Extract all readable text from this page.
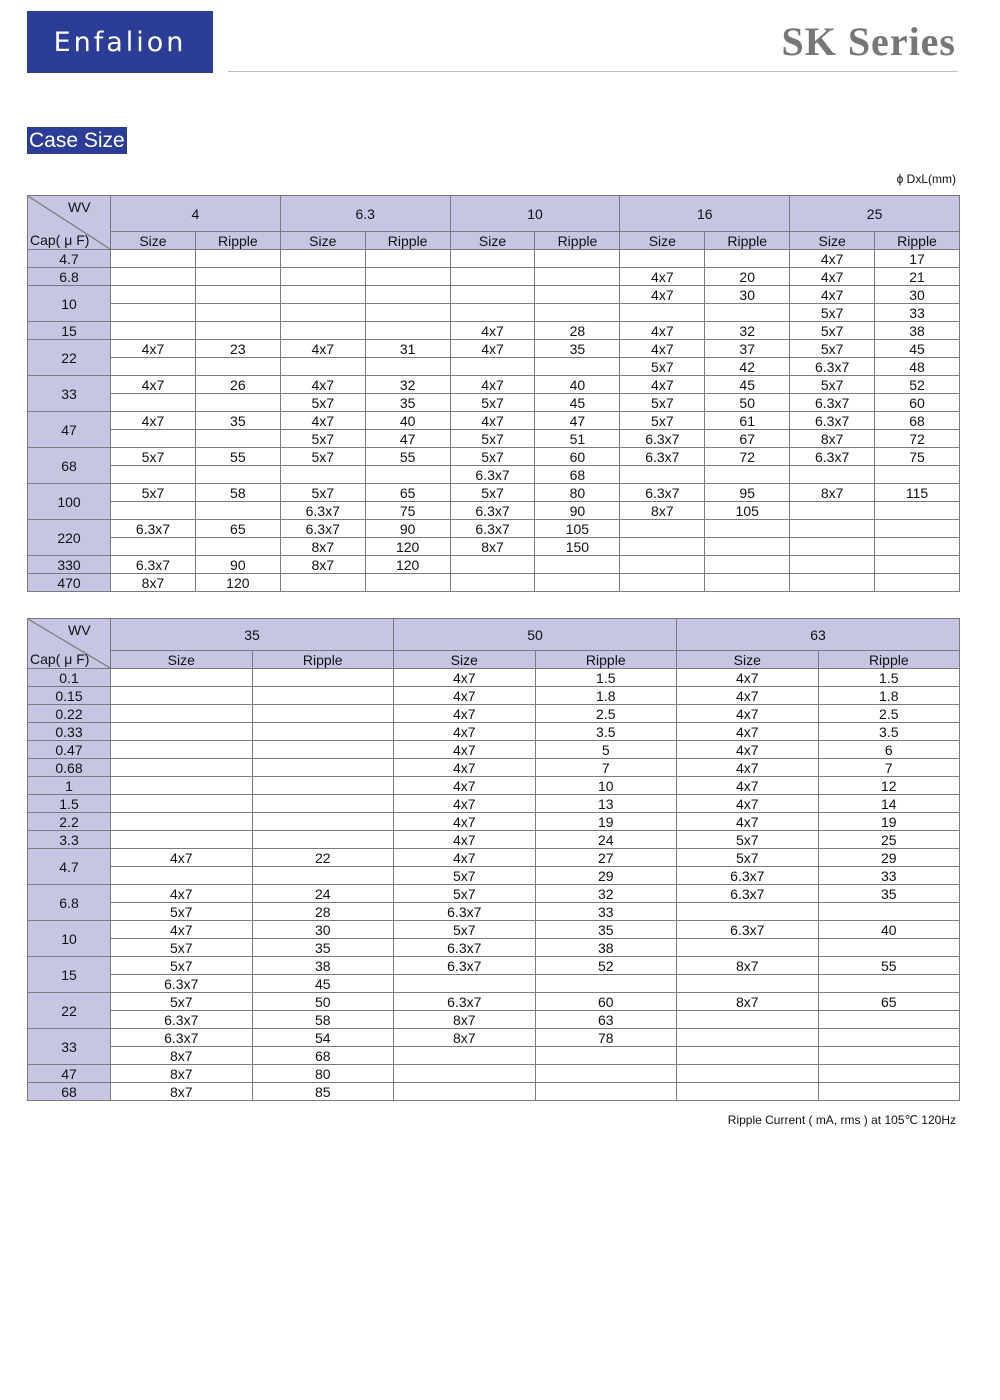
Enfalion	SK Series
Case Size
ϕ DxL(mm)
WV
Cap( μ F)	4		6.3		10		16		25	
	Size	Ripple	Size	Ripple	Size	Ripple	Size	Ripple	Size	Ripple
4.7									4x7	17
6.8							4x7	20	4x7	21
10							4x7	30	4x7	30
									5x7	33
15					4x7	28	4x7	32	5x7	38
22	4x7	23	4x7	31	4x7	35	4x7	37	5x7	45
							5x7	42	6.3x7	48
33	4x7	26	4x7	32	4x7	40	4x7	45	5x7	52
			5x7	35	5x7	45	5x7	50	6.3x7	60
47	4x7	35	4x7	40	4x7	47	5x7	61	6.3x7	68
			5x7	47	5x7	51	6.3x7	67	8x7	72
68	5x7	55	5x7	55	5x7	60	6.3x7	72	6.3x7	75
					6.3x7	68				
100	5x7	58	5x7	65	5x7	80	6.3x7	95	8x7	115
			6.3x7	75	6.3x7	90	8x7	105		
220	6.3x7	65	6.3x7	90	6.3x7	105				
			8x7	120	8x7	150				
330	6.3x7	90	8x7	120						
470	8x7	120								
WV
Cap( μ F)	35		50		63	
	Size	Ripple	Size	Ripple	Size	Ripple
0.1			4x7	1.5	4x7	1.5
0.15			4x7	1.8	4x7	1.8
0.22			4x7	2.5	4x7	2.5
0.33			4x7	3.5	4x7	3.5
0.47			4x7	5	4x7	6
0.68			4x7	7	4x7	7
1			4x7	10	4x7	12
1.5			4x7	13	4x7	14
2.2			4x7	19	4x7	19
3.3			4x7	24	5x7	25
4.7	4x7	22	4x7	27	5x7	29
			5x7	29	6.3x7	33
6.8	4x7	24	5x7	32	6.3x7	35
	5x7	28	6.3x7	33		
10	4x7	30	5x7	35	6.3x7	40
	5x7	35	6.3x7	38		
15	5x7	38	6.3x7	52	8x7	55
	6.3x7	45				
22	5x7	50	6.3x7	60	8x7	65
	6.3x7	58	8x7	63		
33	6.3x7	54	8x7	78		
	8x7	68				
47	8x7	80				
68	8x7	85				
Ripple Current ( mA, rms ) at 105℃ 120Hz
